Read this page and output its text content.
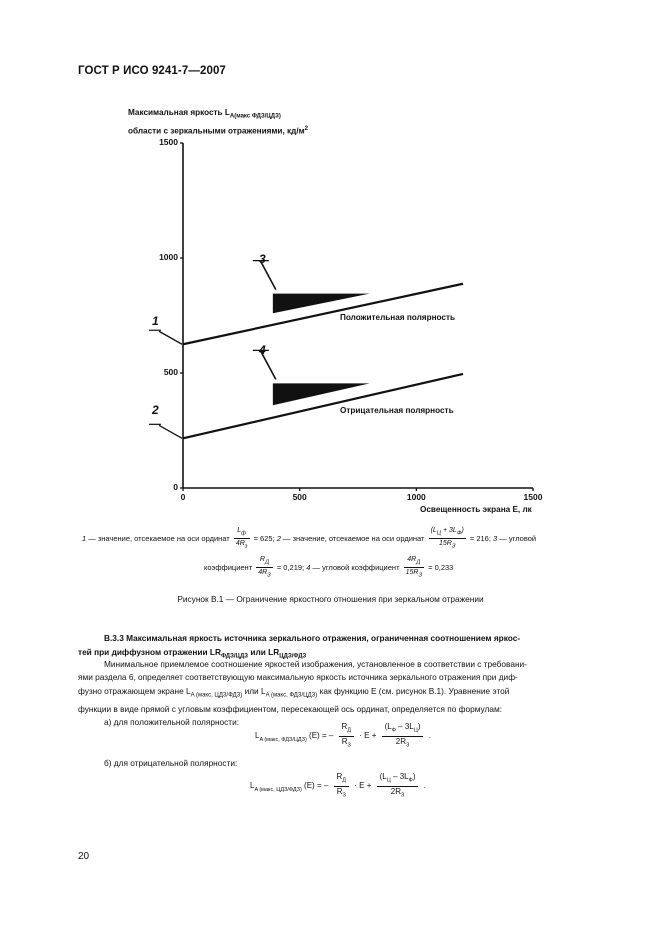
ГОСТ Р ИСО 9241-7—2007
Максимальная яркость $L_{A(макс ФДЗ/ЦДЗ)}$
области с зеркальными отражениями, $кд/м^2$
0
500
1000
1500
0	500	1000	1500
Освещенность экрана E, лк
Положительная полярность
Отрицательная полярность
1
2
3
4
1 — значение, отсекаемое на оси ординат $\frac{L_ф}{4R_з} = 625$; 2 — значение, отсекаемое на оси ординат $\frac{(L_Ц + 3L_Ф)}{15R_З} = 216$; 3 — угловой
коэффициент $\frac{R_Д}{4R_З} = 0,219$; 4 — угловой коэффициент $\frac{4R_Д}{15R_З} = 0,233$
Рисунок В.1 — Ограничение яркостного отношения при зеркальном отражении
В.3.3 Максимальная яркость источника зеркального отражения, ограниченная соотношением яркос-
тей при диффузном отражении $LR_{ФДЗ/ЦДЗ}$ или $LR_{ЦДЗ/ФДЗ}$
Минимальное приемлемое соотношение яркостей изображения, установленное в соответствии с требовани-
ями раздела 6, определяет соответствующую максимальную яркость источника зеркального отражения при диф-
фузно отражающем экране $L_{A (макс, ЦДЗ/ФДЗ)}$ или $L_{A (макс, ФДЗ/ЦДЗ)}$ как функцию E (см. рисунок В.1). Уравнение этой
функции в виде прямой с угловым коэффициентом, пересекающей ось ординат, определяется по формулам:
а) для положительной полярности:
$L_{A (макс, ФДЗ/ЦДЗ)}$ (E) = –
$R_Д$
$R_З$
· E +
$(L_Ф - 3L_Ц)$
$2R_З$
.
б) для отрицательной полярности:
$L_{A (макс, ЦДЗ/ФДЗ)}$ (E) = –
$R_Д$
$R_З$
· E +
$(L_Ц - 3L_Ф)$
$2R_З$
.
20
